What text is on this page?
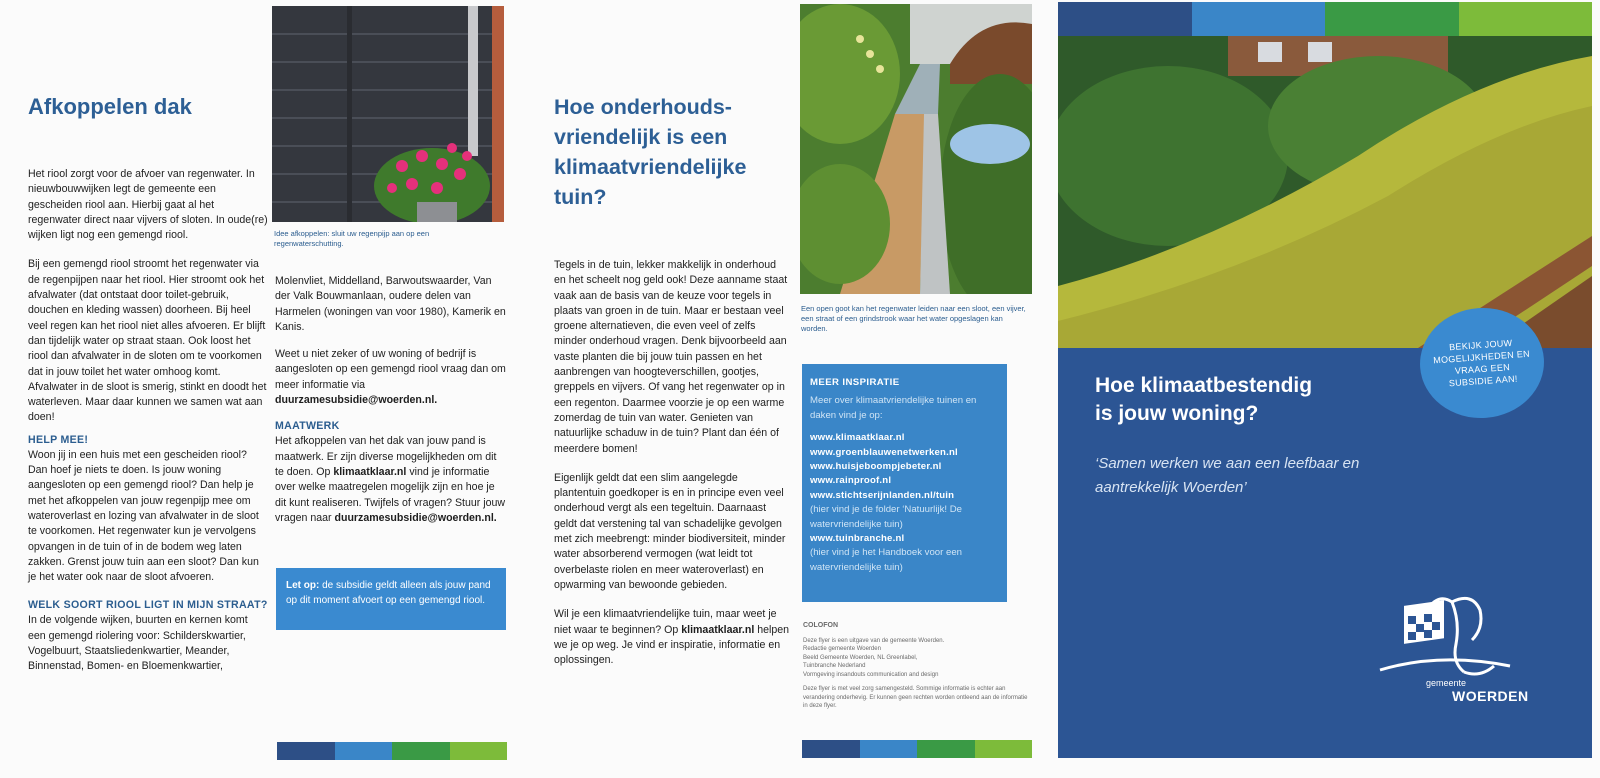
Afkoppelen dak

Het riool zorgt voor de afvoer van regenwater. In nieuwbouwwijken legt de gemeente een gescheiden riool aan. Hierbij gaat al het regenwater direct naar vijvers of sloten. In oude(re) wijken ligt nog een gemengd riool.

Bij een gemengd riool stroomt het regenwater via de regenpijpen naar het riool. Hier stroomt ook het afvalwater (dat ontstaat door toilet-gebruik, douchen en kleding wassen) doorheen. Bij heel veel regen kan het riool niet alles afvoeren. Er blijft dan tijdelijk water op straat staan. Ook loost het riool dan afvalwater in de sloten om te voorkomen dat in jouw toilet het water omhoog komt. Afvalwater in de sloot is smerig, stinkt en doodt het waterleven. Maar daar kunnen we samen wat aan doen!

HELP MEE!

Woon jij in een huis met een gescheiden riool? Dan hoef je niets te doen. Is jouw woning aangesloten op een gemengd riool? Dan help je met het afkoppelen van jouw regenpijp mee om wateroverlast en lozing van afvalwater in de sloot te voorkomen. Het regenwater kun je vervolgens opvangen in de tuin of in de bodem weg laten zakken. Grenst jouw tuin aan een sloot? Dan kun je het water ook naar de sloot afvoeren.

WELK SOORT RIOOL LIGT IN MIJN STRAAT?

In de volgende wijken, buurten en kernen komt een gemengd riolering voor: Schilderskwartier, Vogelbuurt, Staatsliedenkwartier, Meander, Binnenstad, Bomen- en Bloemenkwartier,

Idee afkoppelen: sluit uw regenpijp aan op een regenwaterschutting.

Molenvliet, Middelland, Barwoutswaarder, Van der Valk Bouwmanlaan, oudere delen van Harmelen (woningen van voor 1980), Kamerik en Kanis.

Weet u niet zeker of uw woning of bedrijf is aangesloten op een gemengd riool vraag dan om meer informatie via duurzamesubsidie@woerden.nl.

MAATWERK

Het afkoppelen van het dak van jouw pand is maatwerk. Er zijn diverse mogelijkheden om dit te doen. Op klimaatklaar.nl vind je informatie over welke maatregelen mogelijk zijn en hoe je dit kunt realiseren. Twijfels of vragen? Stuur jouw vragen naar duurzamesubsidie@woerden.nl.

Let op: de subsidie geldt alleen als jouw pand op dit moment afvoert op een gemengd riool.
Hoe onderhouds-
vriendelijk is een
klimaatvriendelijke
tuin?

Tegels in de tuin, lekker makkelijk in onderhoud en het scheelt nog geld ook! Deze aanname staat vaak aan de basis van de keuze voor tegels in plaats van groen in de tuin. Maar er bestaan veel groene alternatieven, die even veel of zelfs minder onderhoud vragen. Denk bijvoorbeeld aan vaste planten die bij jouw tuin passen en het aanbrengen van hoogteverschillen, gootjes, greppels en vijvers. Of vang het regenwater op in een regenton. Daarmee voorzie je op een warme zomerdag de tuin van water. Genieten van natuurlijke schaduw in de tuin? Plant dan één of meerdere bomen!

Eigenlijk geldt dat een slim aangelegde plantentuin goedkoper is en in principe even veel onderhoud vergt als een tegeltuin. Daarnaast geldt dat verstening tal van schadelijke gevolgen met zich meebrengt: minder biodiversiteit, minder water absorberend vermogen (wat leidt tot overbelaste riolen en meer wateroverlast) en opwarming van bewoonde gebieden.

Wil je een klimaatvriendelijke tuin, maar weet je niet waar te beginnen? Op klimaatklaar.nl helpen we je op weg. Je vind er inspiratie, informatie en oplossingen.

Een open goot kan het regenwater leiden naar een sloot, een vijver, een straat of een grindstrook waar het water opgeslagen kan worden.
MEER INSPIRATIE
Meer over klimaatvriendelijke tuinen en daken vind je op:
www.klimaatklaar.nl
www.groenblauwenetwerken.nl
www.huisjeboompjebeter.nl
www.rainproof.nl
www.stichtserijnlanden.nl/tuin
(hier vind je de folder ‘Natuurlijk! De watervriendelijke tuin)
www.tuinbranche.nl
(hier vind je het Handboek voor een watervriendelijke tuin)
COLOFON
Deze flyer is een uitgave van de gemeente Woerden.
Redactie gemeente Woerden
Beeld Gemeente Woerden, NL Greenlabel,
Tuinbranche Nederland
Vormgeving insandouts communication and design
Deze flyer is met veel zorg samengesteld. Sommige informatie is echter aan verandering onderhevig. Er kunnen geen rechten worden ontleend aan de informatie in deze flyer.
BEKIJK JOUW
MOGELIJKHEDEN EN
VRAAG EEN
SUBSIDIE AAN!
Hoe klimaatbestendig
is jouw woning?
‘Samen werken we aan een leefbaar en aantrekkelijk Woerden’
gemeente
WOERDEN
